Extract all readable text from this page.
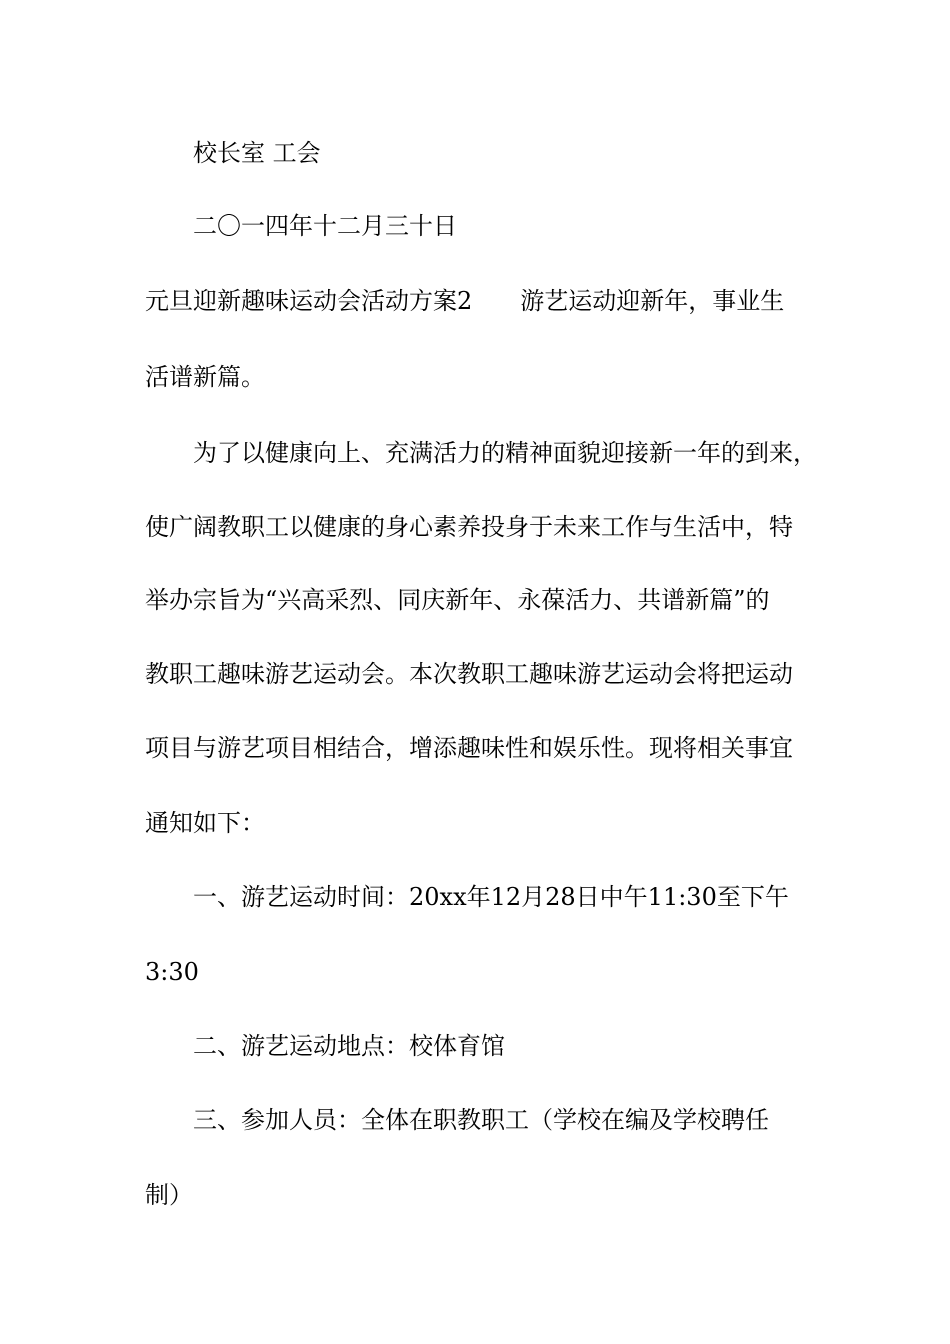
校长室 工会
二〇一四年十二月三十日
元旦迎新趣味运动会活动方案2 游艺运动迎新年，事业生
活谱新篇。
为了以健康向上、充满活力的精神面貌迎接新一年的到来，
使广阔教职工以健康的身心素养投身于未来工作与生活中，特
举办宗旨为“兴高采烈、同庆新年、永葆活力、共谱新篇”的
教职工趣味游艺运动会。本次教职工趣味游艺运动会将把运动
项目与游艺项目相结合，增添趣味性和娱乐性。现将相关事宜
通知如下：
一、游艺运动时间：20xx年12月28日中午11:30至下午
3:30
二、游艺运动地点：校体育馆
三、参加人员：全体在职教职工（学校在编及学校聘任
制）
